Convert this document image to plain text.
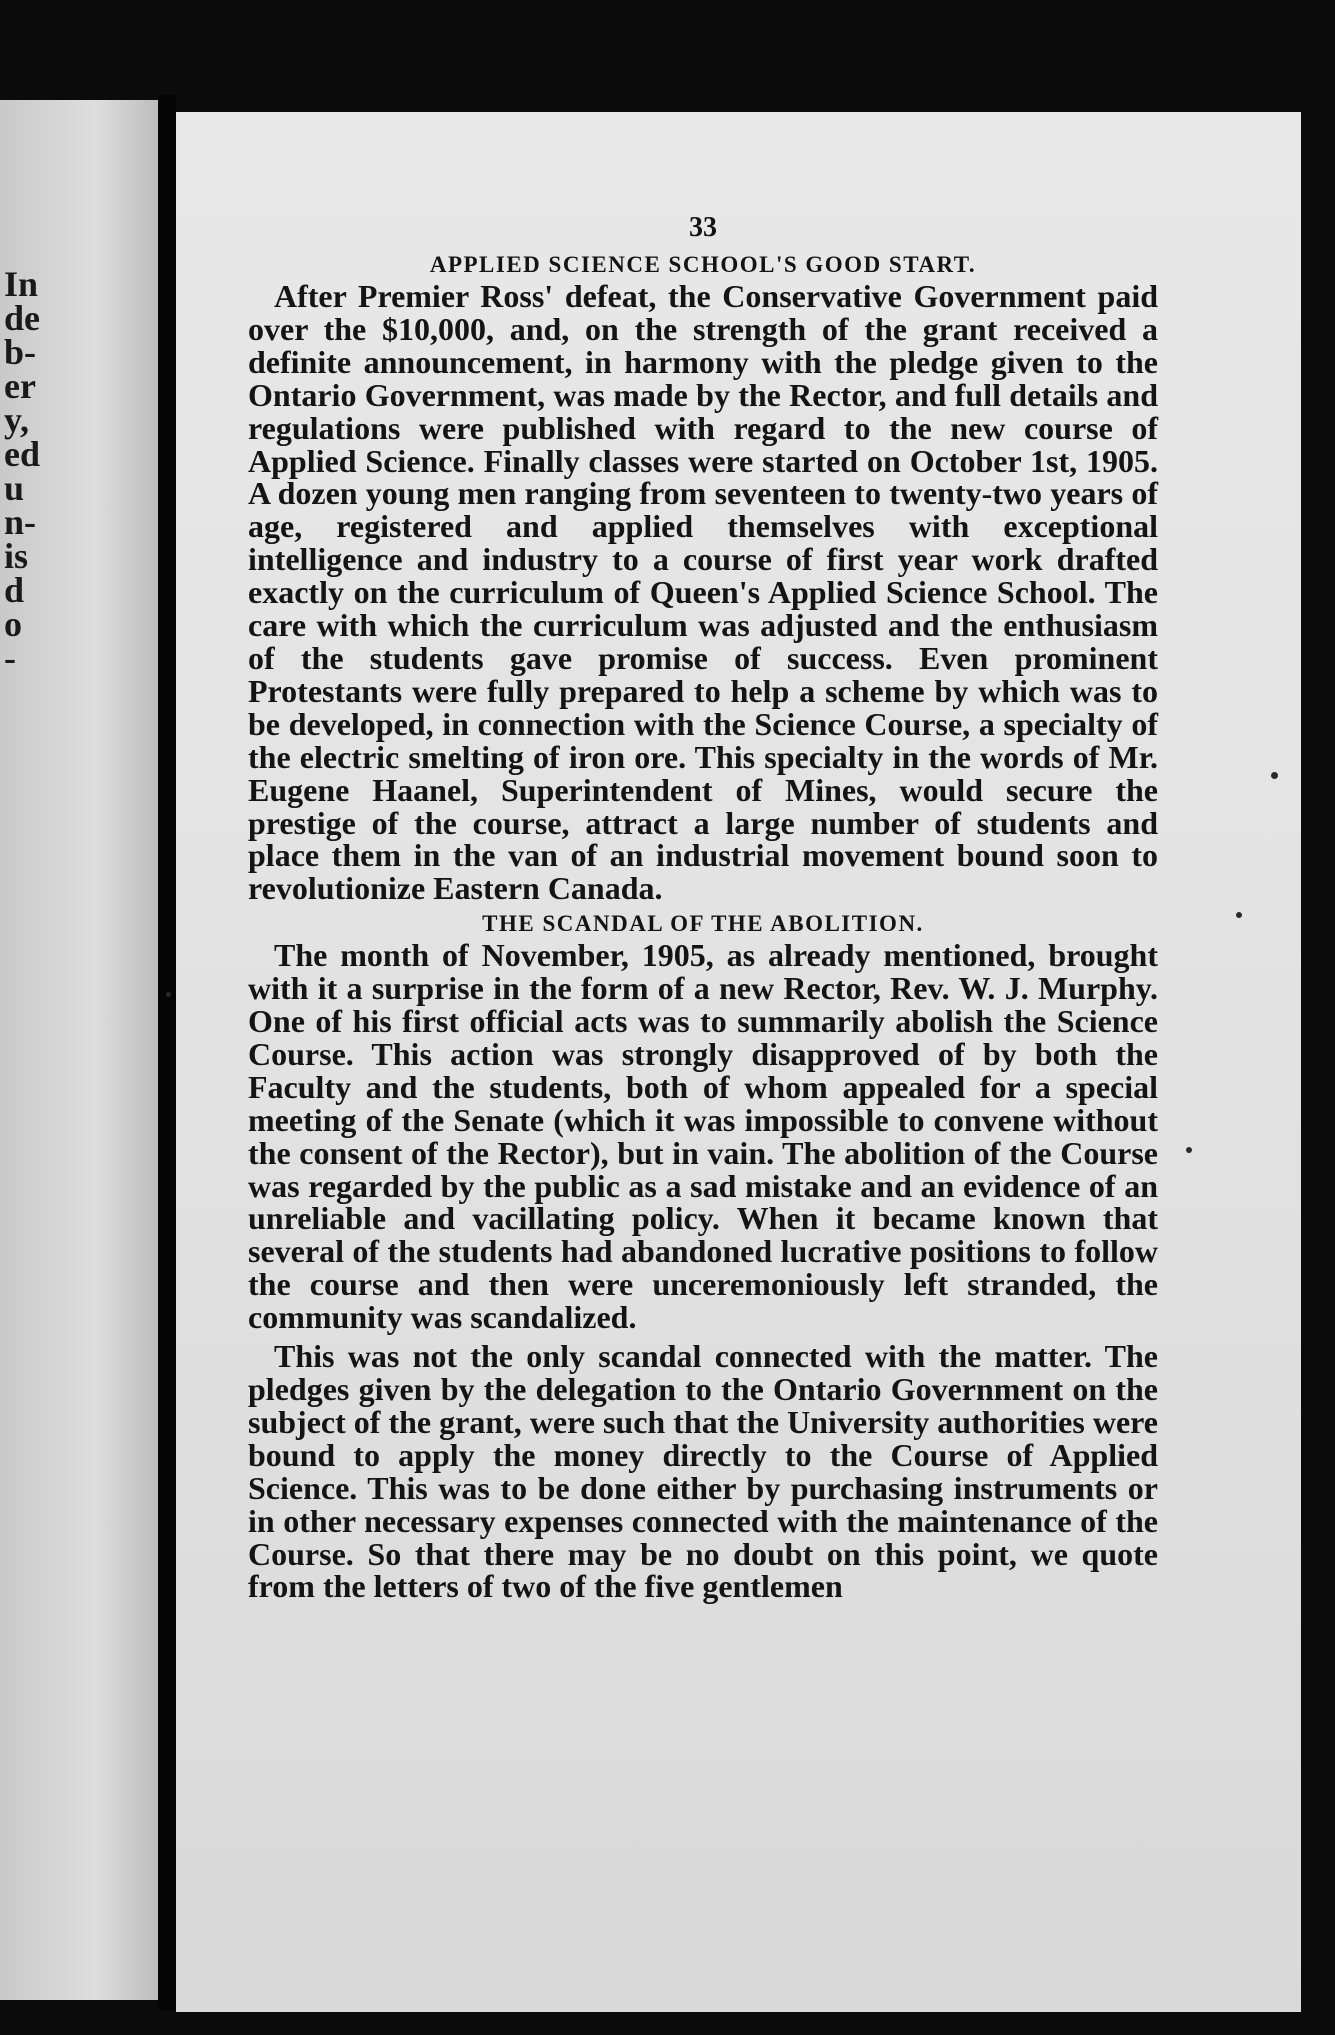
In
de
b-
er
y,
ed
u
n-
is
d
o
-
33
APPLIED SCIENCE SCHOOL'S GOOD START.

After Premier Ross' defeat, the Conservative Government paid over the $10,000, and, on the strength of the grant received a definite announcement, in harmony with the pledge given to the Ontario Government, was made by the Rector, and full details and regulations were published with regard to the new course of Applied Science. Finally classes were started on October 1st, 1905. A dozen young men ranging from seventeen to twenty-two years of age, registered and applied themselves with exceptional intelligence and industry to a course of first year work drafted exactly on the curriculum of Queen's Applied Science School. The care with which the curriculum was adjusted and the enthusiasm of the students gave promise of success. Even prominent Protestants were fully prepared to help a scheme by which was to be developed, in connection with the Science Course, a specialty of the electric smelting of iron ore. This specialty in the words of Mr. Eugene Haanel, Superintendent of Mines, would secure the prestige of the course, attract a large number of students and place them in the van of an industrial movement bound soon to revolutionize Eastern Canada.

THE SCANDAL OF THE ABOLITION.

The month of November, 1905, as already mentioned, brought with it a surprise in the form of a new Rector, Rev. W. J. Murphy. One of his first official acts was to summarily abolish the Science Course. This action was strongly disapproved of by both the Faculty and the students, both of whom appealed for a special meeting of the Senate (which it was impossible to convene without the consent of the Rector), but in vain. The abolition of the Course was regarded by the public as a sad mistake and an evidence of an unreliable and vacillating policy. When it became known that several of the students had abandoned lucrative positions to follow the course and then were unceremoniously left stranded, the community was scandalized.

This was not the only scandal connected with the matter. The pledges given by the delegation to the Ontario Government on the subject of the grant, were such that the University authorities were bound to apply the money directly to the Course of Applied Science. This was to be done either by purchasing instruments or in other necessary expenses connected with the maintenance of the Course. So that there may be no doubt on this point, we quote from the letters of two of the five gentlemen
